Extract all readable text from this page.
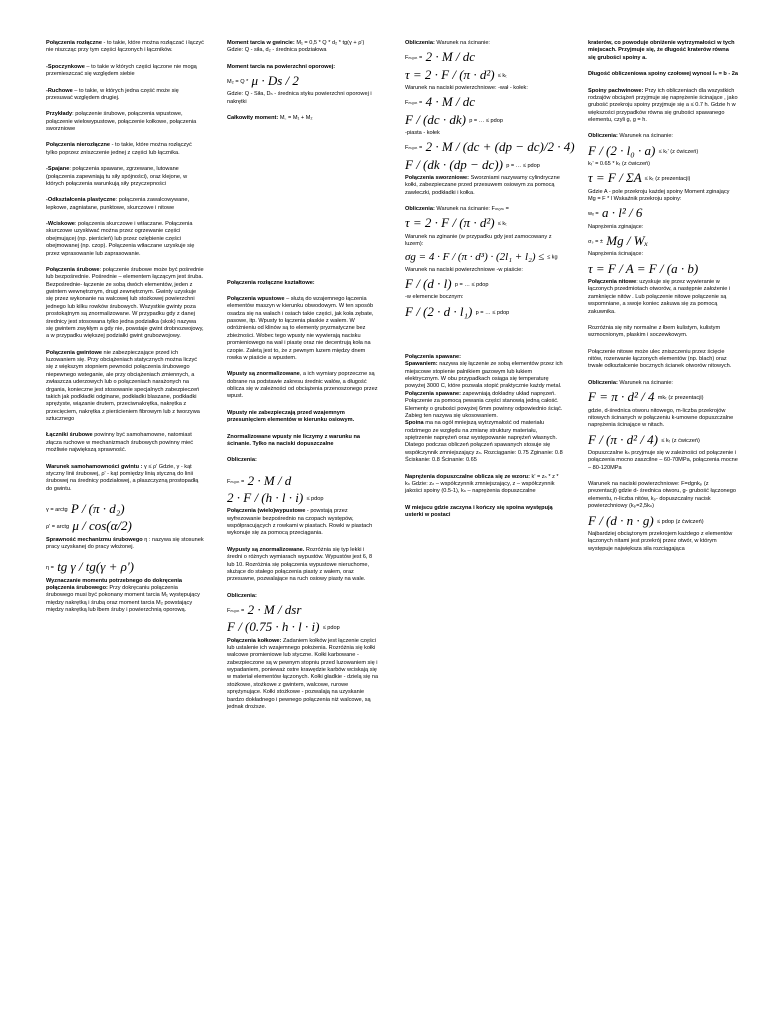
Połączenia rozłączne - to takie, które można rozłączać i łączyć nie niszcząc przy tym części łączonych i łączników.
-Spoczynkowe – to takie w których części łączone nie mogą przemieszczać się względem siebie
-Ruchowe – to takie, w których jedna część może się przesuwać względem drugiej.
Przykłady: połączenie śrubowe, połączenia wpustowe, połączenie wielowypustowe, połączenie kołkowe, połączenia sworzniowe
Połączenia nierozłączne - to takie, które można rozłączyć tylko poprzez zniszczenie jednej z części lub łącznika.
-Spajane: połączenia spawane, zgrzewane, lutowane (połączenia zapewniają tu siły spójności), oraz klejone, w których połączenia warunkują siły przyczepności
-Odkształcenia plastyczne: połączenia zawalcowywane, lepkowe, zagniatane, punktowe, skurczowe i nitowe
-Wciskowe: połączenia skurczowe i wtłaczane. Połączenia skurczowe uzyskiwać można przez ogrzewanie części obejmującej (np. pierścień) lub przez oziębienie części obejmowanej (np. czop). Połączenia wtłaczane uzyskuje się przez wprasowanie lub zaprasowanie.
Połączenia śrubowe: połączenie śrubowe może być pośrednie lub bezpośrednie. Pośrednie – elementem łączącym jest śruba. Bezpośrednie- łączenie ze sobą dwóch elementów, jeden z gwintem wewnętrznym, drugi zewnętrznym. Gwinty uzyskuje się przez wykonanie na walcowej lub stożkowej powierzchni jednego lub kilku rowków śrubowych. Wszystkie gwinty poza prostokątnym są znormalizowane. W przypadku gdy z danej średnicy jest stosowana tylko jedna podziałka (skok) nazywa się gwintem zwykłym a gdy nie, powstaje gwint drobnozwojowy, a w przypadku większej podziałki gwint grubozwojowy.
Połączenia gwintowe nie zabezpieczające przed ich luzowaniem się. Przy obciążeniach statycznych można liczyć się z większym stopniem pewności połączenia śrubowego niepewnego wsteganie, ale przy obciążeniach zmiennych, a zwłaszcza uderzowych lub o połączeniach narażonych na drgania, konieczne jest stosowanie specjalnych zabezpieczeń takich jak podkładki odginane, podkładki blaszane, podkładki sprężyste, wiązanie drutem, przeciwnakrętka, nakrętka z przecięciem, nakrętka z pierścieniem fibrowym lub z tworzywa sztucznego
Łączniki śrubowe powinny być samohamowne, natomiast złącza ruchowe w mechanizmach śrubowych powinny mieć możliwie największą sprawność.
Warunek samohamowności gwintu : γ ≤ ρ' Gdzie, γ - kąt styczny linii śrubowej, ρ' - kąt pomiędzy linią styczną do linii śrubowej na średnicy podziałowej, a płaszczyzną prostopadłą do gwintu.
γ = arctg P / (π · d₂)
ρ' = arctg μ / cos(α/2)
Sprawność mechanizmu śrubowego η : nazywa się stosunek pracy uzyskanej do pracy włożonej.
η = tg γ / tg(γ + ρ')
Wyznaczanie momentu potrzebnego do dokręcenia połączenia śrubowego: Przy dokręcaniu połączenia śrubowego musi być pokonany moment tarcia M₁ występujący między nakrętką i śrubą oraz moment tarcia M₂ powstający między nakrętką lub łbem śruby i powierzchnią oporową.
Moment tarcia w gwincie: M₁ = 0,5 * Q * d₂ * tg(γ + ρ') Gdzie: Q - siła, d₂ - średnica podziałowa
Moment tarcia na powierzchni oporowej:
M₂ = Q * μ · Ds / 2
Gdzie: Q - Siła, Dₙ - średnica styku powierzchni oporowej i nakrętki
Całkowity moment: M꜀ = M₁ + M₂
Połączenia rozłączne kształtowe:
Połączenia wpustowe – służą do wzajemnego łączenia elementów maszyn w kierunku obwodowym. W ten sposób osadza się na wałach i osiach takie części, jak koła zębate, pasowe, itp. Wpusty to łączenia płaskie z wałem. W odróżnieniu od klinów są to elementy pryzmatyczne bez zbieżności. Wobec tego wpusty nie wywierają nacisku promieniowego na wał i piastę oraz nie decentrują koła na czopie. Zaletą jest to, że z pewnym luzem między dnem rowka w piaście a wpustem.
Wpusty są znormalizowane, a ich wymiary poprzeczne są dobrane na podstawie zakresu średnic wałów, a długość oblicza się w zależności od obciążenia przenoszonego przez wpust.
Wpusty nie zabezpieczają przed wzajemnym przesunięciem elementów w kierunku osiowym.
Znormalizowane wpusty nie liczymy z warunku na ścinanie. Tylko na naciski dopuszczalne
Obliczenia:
Fₘₒₘ = 2 · M / d
2 · F / (h · l · i) ≤ pdop
Połączenia (wielo)wypustowe - powstają przez wyfrezowanie bezpośrednio na czopach występów, współpracujących z rowkami w piastach. Rowki w piastach wykonuje się za pomocą przeciągania.
Wypusty są znormalizowane. Rozróżnia się typ lekki i średni o różnych wymiarach wypustów. Wypustów jest 6, 8 lub 10. Rozróżnia się połączenia wypustowe nieruchome, służące do stałego połączenia piasty z wałem, oraz przesuwne, pozwalające na ruch osiowy piasty na wale.
Obliczenia:
Fₘₒₘ = 2 · M / dsr
F / (0.75 · h · l · i) ≤ pdop
Połączenia kołkowe: Zadaniem kołków jest łączenie części lub ustalenie ich wzajemnego położenia. Rozróżnia się kołki walcowe promieniowe lub styczne. Kołki karbowane - zabezpieczone są w pewnym stopniu przed luzowaniem się i wypadaniem, ponieważ ostre krawędzie karbów wciskają się w materiał elementów łączonych. Kołki gładkie - dzielą się na stożkowe, stożkowe z gwintem, walcowe, rurowe sprężynujące. Kołki stożkowe - pozwalają na uzyskanie bardzo dokładnego i pewnego połączenia niż walcowe, są jednak droższe.
Obliczenia: Warunek na ścinanie:
Fₘₒₘ = 2 · M / dc
τ = 2 · F / (π · d²) ≤ kₜ
Warunek na naciski powierzchniowe: -wał - kołek:
Fₘₒₘ = 4 · M / dc
F / (dc · dk) p = … ≤ pdop
-piasta - kołek
Fₘₒₘ = 2 · M / (dc + (dp − dc)/2 · 4)
F / (dk · (dp − dc)) p = … ≤ pdop
Połączenia sworzniowe: Sworzniami nazywamy cylindryczne kołki, zabezpieczane przed przesuwem osiowym za pomocą zawleczki, podkładki i kołka.
Obliczenia: Warunek na ścinanie: Fₘₒₘ =
τ = 2 · F / (π · d²) ≤ kₜ
Warunek na zginanie (w przypadku gdy jest zamocowany z luzem):
σg = 4 · F / (π · d³) · (2l₁ + l₂) ≤ ≤ kg
Warunek na naciski powierzchniowe -w piaście:
F / (d · l) p = … ≤ pdop
-w elemencie bocznym:
F / (2 · d · l₁) p = … ≤ pdop
Połączenia spawane:
Spawaniem: nazywa się łączenie ze sobą elementów przez ich miejscowe stopienie palnikiem gazowym lub łukiem elektrycznym. W obu przypadkach osiąga się temperaturę powyżej 3000 C, które pozwala stopić praktycznie każdy metal.
Połączenia spawane: zapewniają dokładny układ napręzeń. Połączenie za pomocą pewania części stanowią jedną całość. Elementy o grubości powyżej 6mm powinny odpowiednio ściąć. Zabieg ten nazywa się ukosowaniem.
Spoina ma na ogół mniejszą wytrzymałość od materiału rodzimego ze względu na zmianę struktury materiału, spiętrzenie naprężeń oraz występowanie naprężeń własnych. Dlatego podczas obliczeń połączeń spawanych stosuje się współczynnik zmniejszający zₙ. Rozciąganie: 0.75 Zginanie: 0.8 Ściskanie: 0.8 Ścinanie: 0.65
Naprężenia dopuszczalne oblicza się ze wzoru: k' = zₙ * z * kₙ Gdzie: zₙ – współczynnik zmniejszający, z – współczynnik jakości spoiny (0.5-1), kₙ – naprężenia dopuszczalne
W miejscu gdzie zaczyna i kończy się spoina występują usterki w postaci
kraterów, co powoduje obniżenie wytrzymałości w tych miejscach. Przyjmuje się, że długość kraterów równa się grubości spoiny a.
Długość obliczeniowa spoiny czołowej wynosi l₀ = b - 2a
Spoiny pachwinowe: Przy ich obliczeniach dla wszystkich rodzajów obciążeń przyjmuje się naprężenie ścinające , jako grubość przekroju spoiny przyjmuje się a ≤ 0.7 h. Gdzie h w większości przypadków równa się grubości spawanego elementu, czyli g, g = h.
Obliczenia: Warunek na ścinanie:
F / (2 · l₀ · a) ≤ kₜ' (z ćwiczeń)
kₜ' = 0.65 * kₜ (z ćwiczeń)
τ = F / ΣA ≤ kₜ (z prezentacji)
Gdzie A - pole przekroju każdej spoiny Moment zginający Mg = F * l Wskaźnik przekroju spoiny:
wₓ = a · l² / 6
Naprężenia zginające:
σₛ = ± Mg / Wₓ
Naprężenia ścinające:
τ = F / A = F / (a · b)
Połączenia nitowe: uzyskuje się przez wywieranie w łączonych przedmiotach otworów, a następnie założenie i zamknięcie nitów . Lub połączenie nitowe połączenie są wspomniane, a swoje koniec zakuwa się za pomocą zakuwnika.
Rozróżnia się nity normalne z łbem kulistym, kulistym wzmocnionym, płaskim i soczewkowym.
Połączenie nitowe może ulec zniszczeniu przez ścięcie nitów, rozerwanie łączonych elementów (np. blach) oraz trwałe odkształcenie bocznych ścianek otworów nitowych.
Obliczenia: Warunek na ścinanie:
F = π · d² / 4 mkₜ (z prezentacji)
gdzie, d-średnica otworu nitowego, m-liczba przekrojów nitowych ścinanych w połączeniu k-umowne dopuszczalne naprężenia ścinające w nitach.
F / (π · d² / 4) ≤ kₜ (z ćwiczeń)
Dopuszczalne kₙ przyjmuje się w zależności od połączenie i połączenia mocno zaszcilne – 60-70MPa, połączenia mocne – 80-120MPa
Warunek na naciski powierzchniowe: F=dgnkₚ (z prezentacji) gdzie d- średnica otworu, g- grubość łączonego elementu, n-liczba nitów, kₚ- dopuszczalny nacisk powierzchniowy (kₚ=2,5kₙ)
F / (d · n · g) ≤ pdop (z ćwiczeń)
Najbardziej obciążonym przekrojem każdego z elementów łączonych nitami jest przekrój przez otwór, w którym występuje największa siła rozciągająca
